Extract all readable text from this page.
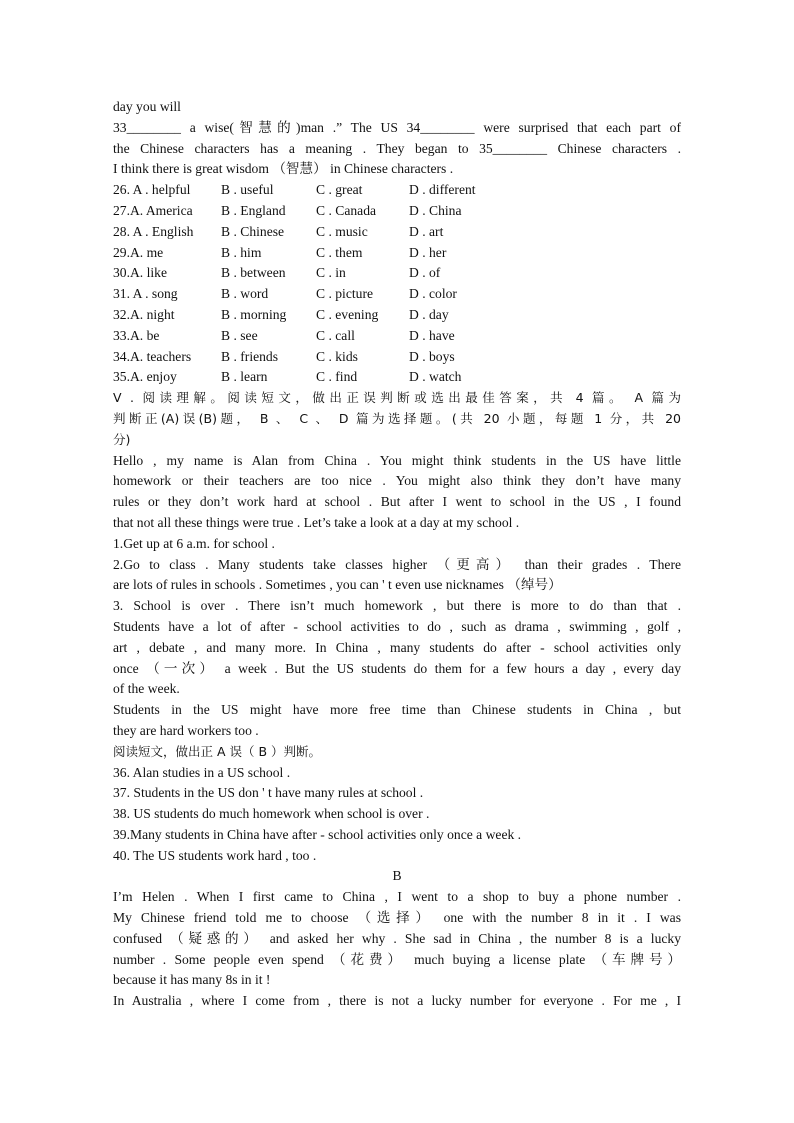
day you will
33________ a wise(智慧的)man .” The US 34________ were surprised that each part of
the Chinese characters has a meaning . They began to 35________ Chinese characters .
I think there is great wisdom （智慧） in Chinese characters .
26. A . helpful	B . useful	C . great	D . different
27.A. America	B . England	C . Canada	D . China
28. A . English	B . Chinese	C . music	D . art
29.A. me	B . him	C . them	D . her
30.A. like	B . between	C . in	D . of
31. A . song	B . word	C . picture	D . color
32.A. night	B . morning	C . evening	D . day
33.A. be	B . see	C . call	D . have
34.A. teachers	B . friends	C . kids	D . boys
35.A. enjoy	B . learn	C . find	D . watch
V . 阅读理解。阅读短文，做出正误判断或选出最佳答案，共 4 篇。 A 篇为
判断正(A)误(B)题， B 、 C 、 D 篇为选择题。(共 20 小题，每题 1 分，共 20
分)
Hello , my name is Alan from China . You might think students in the US have little
homework or their teachers are too nice . You might also think they don’t have many
rules or they don’t work hard at school . But after I went to school in the US , I found
that not all these things were true . Let’s take a look at a day at my school .
1.Get up at 6 a.m. for school .
2.Go to class . Many students take classes higher （更高） than their grades . There
are lots of rules in schools . Sometimes , you can ' t even use nicknames （绰号）
3. School is over . There isn’t much homework , but there is more to do than that .
Students have a lot of after - school activities to do , such as drama , swimming , golf ,
art , debate , and many more. In China , many students do after - school activities only
once （一次） a week . But the US students do them for a few hours a day , every day
of the week.
Students in the US might have more free time than Chinese students in China , but
they are hard workers too .
阅读短文，做出正 A 误（ B ）判断。
36. Alan studies in a US school .
37. Students in the US don ' t have many rules at school .
38. US students do much homework when school is over .
39.Many students in China have after - school activities only once a week .
40. The US students work hard , too .
B
I’m Helen . When I first came to China , I went to a shop to buy a phone number .
My Chinese friend told me to choose （选择） one with the number 8 in it . I was
confused （疑惑的） and asked her why . She sad in China , the number 8 is a lucky
number . Some people even spend （花费） much buying a license plate （车牌号）
because it has many 8s in it !
In Australia , where I come from , there is not a lucky number for everyone . For me , I
